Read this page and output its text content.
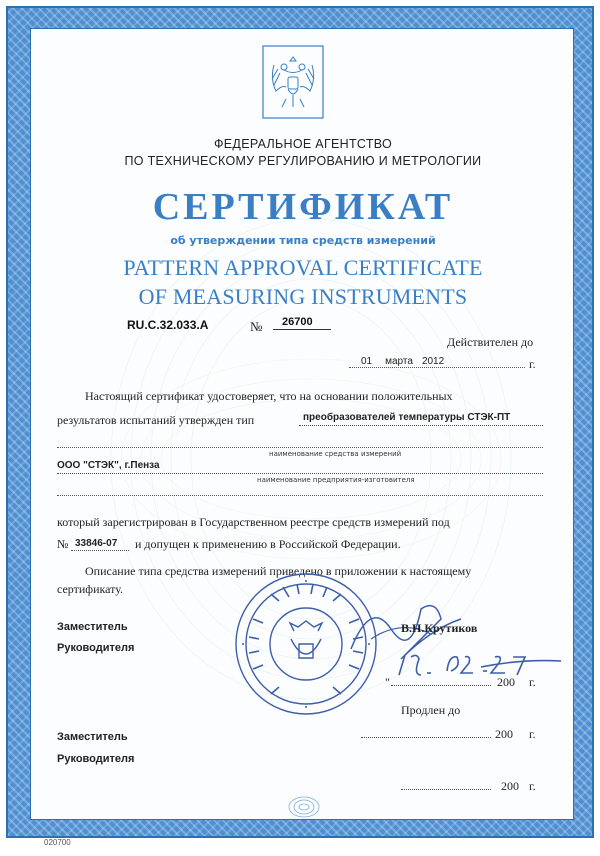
ФЕДЕРАЛЬНОЕ АГЕНТСТВО
ПО ТЕХНИЧЕСКОМУ РЕГУЛИРОВАНИЮ И МЕТРОЛОГИИ
СЕРТИФИКАТ
об утверждении типа средств измерений
PATTERN APPROVAL CERTIFICATE
OF MEASURING INSTRUMENTS
RU.C.32.033.A	№ 26700
Действителен до
01 марта 2012	г.
Настоящий сертификат удостоверяет, что на основании положительных
результатов испытаний утвержден тип	преобразователей температуры СТЭК-ПТ
наименование средства измерений
ООО "СТЭК", г.Пенза
наименование предприятия-изготовителя
который зарегистрирован в Государственном реестре средств измерений под
№ 33846-07 и допущен к применению в Российской Федерации.
Описание типа средства измерений приведено в приложении к настоящему
сертификату.
Заместитель
Руководителя
В.Н.Крутиков
"	200 г.
Продлен до
200 г.
Заместитель
Руководителя
200 г.
020700
